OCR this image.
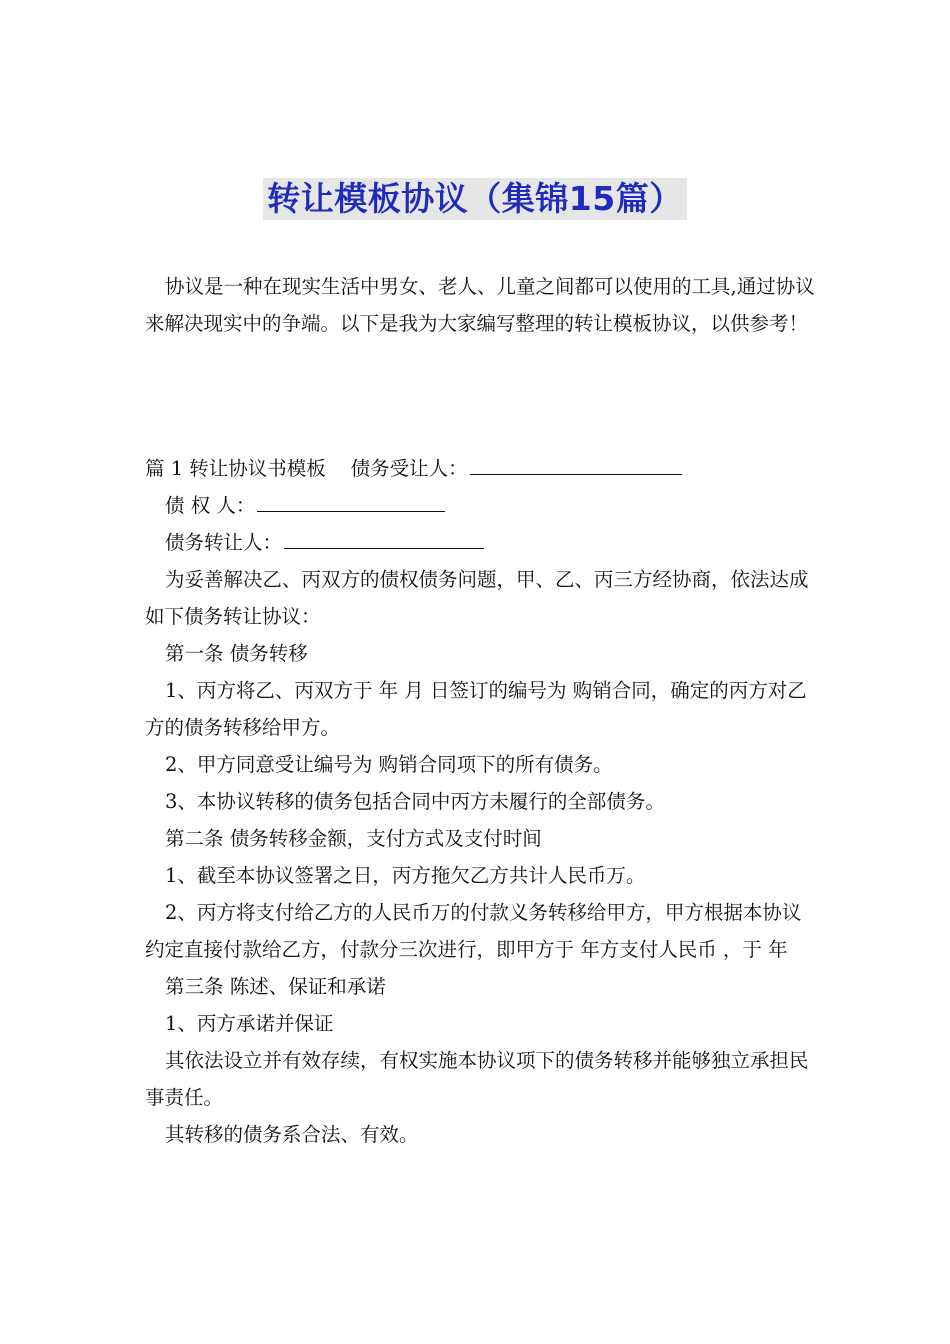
转让模板协议（集锦15篇）

协议是一种在现实生活中男女、老人、儿童之间都可以使用的工具,通过协议来解决现实中的争端。以下是我为大家编写整理的转让模板协议，以供参考！

篇 1 转让协议书模板 债务受让人：

债 权 人：

债务转让人：

为妥善解决乙、丙双方的债权债务问题，甲、乙、丙三方经协商，依法达成如下债务转让协议：

第一条 债务转移

1、丙方将乙、丙双方于 年 月 日签订的编号为 购销合同，确定的丙方对乙方的债务转移给甲方。

2、甲方同意受让编号为 购销合同项下的所有债务。

3、本协议转移的债务包括合同中丙方未履行的全部债务。

第二条 债务转移金额，支付方式及支付时间

1、截至本协议签署之日，丙方拖欠乙方共计人民币万。

2、丙方将支付给乙方的人民币万的付款义务转移给甲方，甲方根据本协议约定直接付款给乙方，付款分三次进行，即甲方于 年方支付人民币 ，于 年

第三条 陈述、保证和承诺

1、丙方承诺并保证

其依法设立并有效存续，有权实施本协议项下的债务转移并能够独立承担民事责任。

其转移的债务系合法、有效。
